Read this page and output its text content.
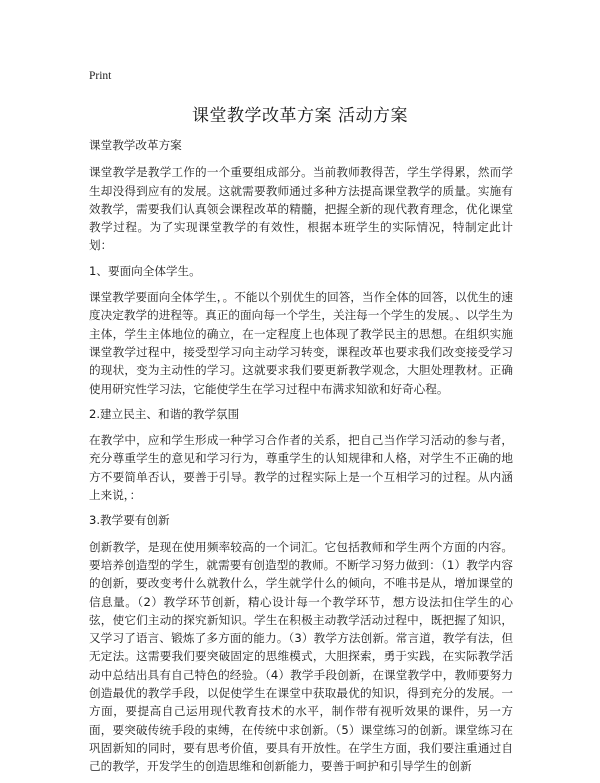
Print
课堂教学改革方案 活动方案

课堂教学改革方案

课堂教学是教学工作的一个重要组成部分。当前教师教得苦，学生学得累，然而学生却没得到应有的发展。这就需要教师通过多种方法提高课堂教学的质量。实施有效教学，需要我们认真领会课程改革的精髓，把握全新的现代教育理念，优化课堂教学过程。为了实现课堂教学的有效性，根据本班学生的实际情况，特制定此计划：

1、要面向全体学生。

课堂教学要面向全体学生，。不能以个别优生的回答，当作全体的回答，以优生的速度决定教学的进程等。真正的面向每一个学生，关注每一个学生的发展。、以学生为主体，学生主体地位的确立，在一定程度上也体现了教学民主的思想。在组织实施课堂教学过程中，接受型学习向主动学习转变，课程改革也要求我们改变接受学习的现状，变为主动性的学习。这就要求我们要更新教学观念，大胆处理教材。正确使用研究性学习法，它能使学生在学习过程中布满求知欲和好奇心程。

2.建立民主、和谐的教学氛围

在教学中，应和学生形成一种学习合作者的关系，把自己当作学习活动的参与者，充分尊重学生的意见和学习行为，尊重学生的认知规律和人格，对学生不正确的地方不要简单否认，要善于引导。教学的过程实际上是一个互相学习的过程。从内涵上来说，：

3.教学要有创新

创新教学，是现在使用频率较高的一个词汇。它包括教师和学生两个方面的内容。要培养创造型的学生，就需要有创造型的教师。不断学习努力做到：（1）教学内容的创新，要改变考什么就教什么，学生就学什么的倾向，不唯书是从，增加课堂的信息量。（2）教学环节创新，精心设计每一个教学环节，想方设法扣住学生的心弦，使它们主动的探究新知识。学生在积极主动教学活动过程中，既把握了知识，又学习了语言、锻炼了多方面的能力。（3）教学方法创新。常言道，教学有法，但无定法。这需要我们要突破固定的思维模式，大胆探索，勇于实践，在实际教学活动中总结出具有自己特色的经验。（4）教学手段创新，在课堂教学中，教师要努力创造最优的教学手段，以促使学生在课堂中获取最优的知识，得到充分的发展。一方面，要提高自己运用现代教育技术的水平，制作带有视听效果的课件，另一方面，要突破传统手段的束缚，在传统中求创新。（5）课堂练习的创新。课堂练习在巩固新知的同时，要有思考价值，要具有开放性。在学生方面，我们要注重通过自己的教学，开发学生的创造思维和创新能力，要善于呵护和引导学生的创新
